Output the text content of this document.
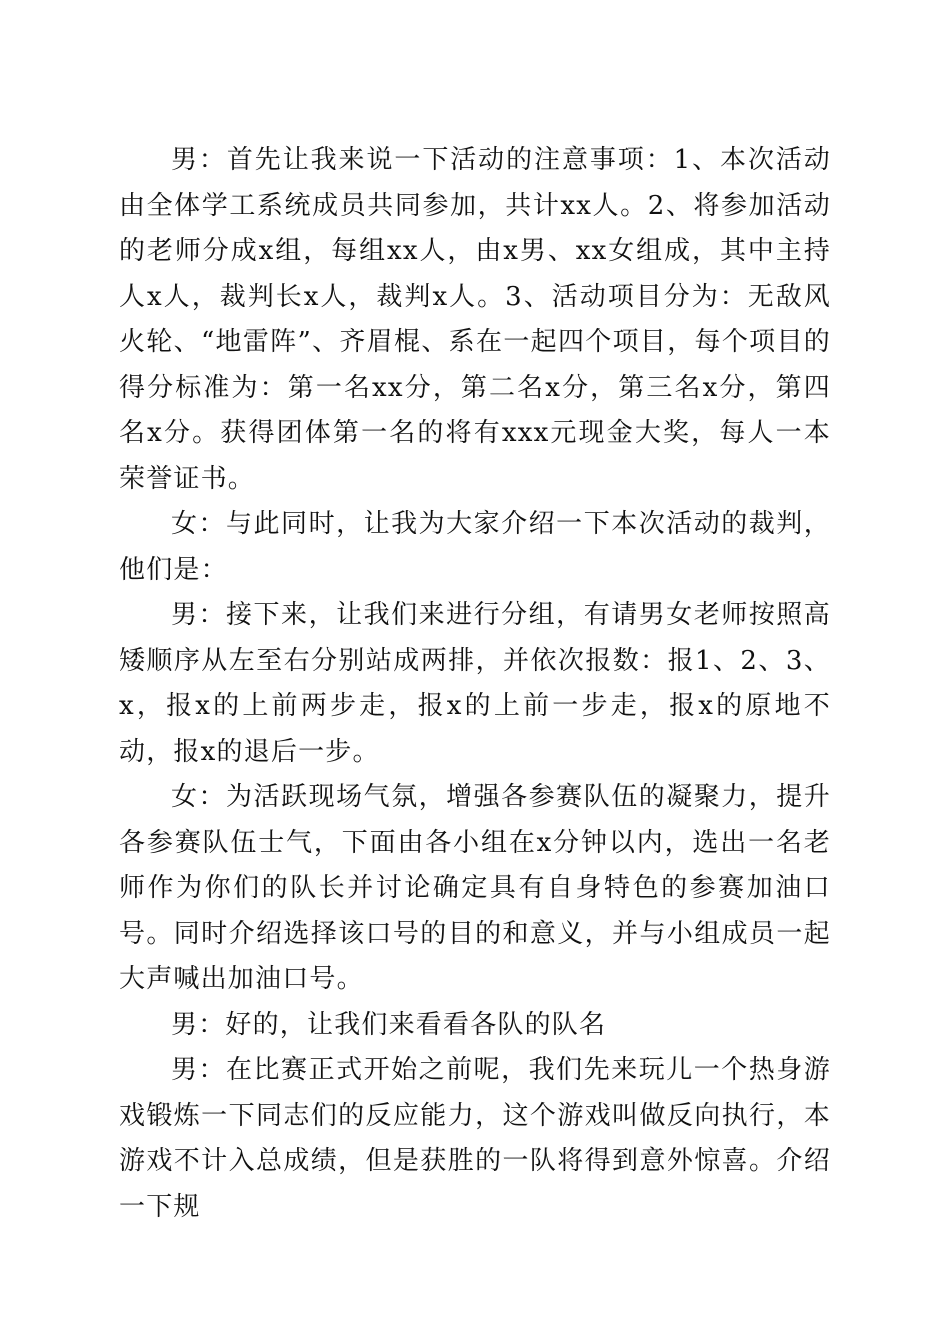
男：首先让我来说一下活动的注意事项：1、本次活动由全体学工系统成员共同参加，共计xx人。2、将参加活动的老师分成x组，每组xx人，由x男、xx女组成，其中主持人x人，裁判长x人，裁判x人。3、活动项目分为：无敌风火轮、“地雷阵”、齐眉棍、系在一起四个项目，每个项目的得分标准为：第一名xx分，第二名x分，第三名x分，第四名x分。获得团体第一名的将有xxx元现金大奖，每人一本荣誉证书。

女：与此同时，让我为大家介绍一下本次活动的裁判，他们是：

男：接下来，让我们来进行分组，有请男女老师按照高矮顺序从左至右分别站成两排，并依次报数：报1、2、3、x，报x的上前两步走，报x的上前一步走，报x的原地不动，报x的退后一步。

女：为活跃现场气氛，增强各参赛队伍的凝聚力，提升各参赛队伍士气，下面由各小组在x分钟以内，选出一名老师作为你们的队长并讨论确定具有自身特色的参赛加油口号。同时介绍选择该口号的目的和意义，并与小组成员一起大声喊出加油口号。

男：好的，让我们来看看各队的队名

男：在比赛正式开始之前呢，我们先来玩儿一个热身游戏锻炼一下同志们的反应能力，这个游戏叫做反向执行，本游戏不计入总成绩，但是获胜的一队将得到意外惊喜。介绍一下规
